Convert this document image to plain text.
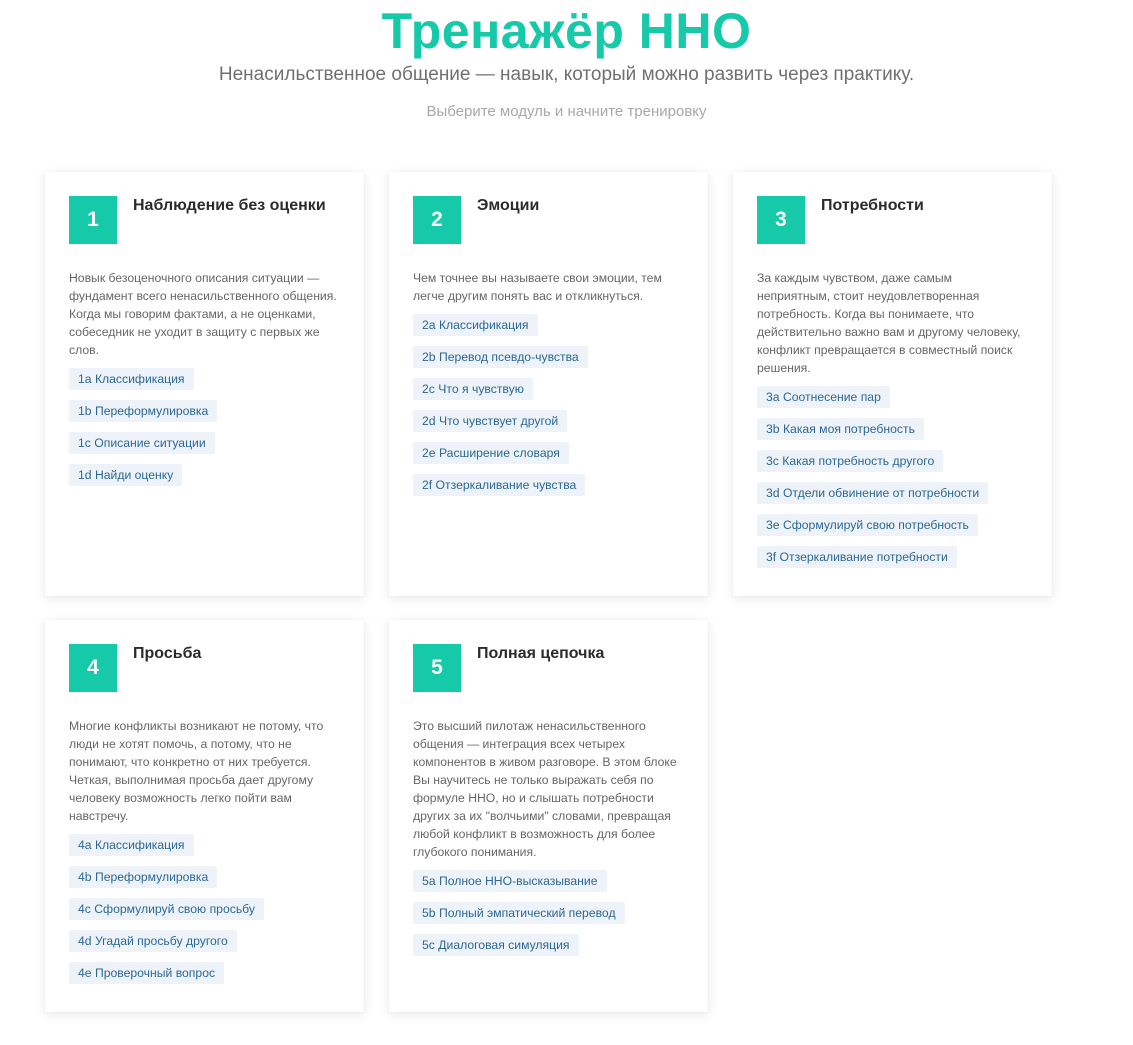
Тренажёр ННО
Ненасильственное общение — навык, который можно развить через практику.
Выберите модуль и начните тренировку
1
Наблюдение без оценки
Новык безоценочного описания ситуации — фундамент всего ненасильственного общения. Когда мы говорим фактами, а не оценками, собеседник не уходит в защиту с первых же слов.
1a Классификация
1b Переформулировка
1c Описание ситуации
1d Найди оценку
2
Эмоции
Чем точнее вы называете свои эмоции, тем легче другим понять вас и откликнуться.
2a Классификация
2b Перевод псевдо-чувства
2c Что я чувствую
2d Что чувствует другой
2e Расширение словаря
2f Отзеркаливание чувства
3
Потребности
За каждым чувством, даже самым неприятным, стоит неудовлетворенная потребность. Когда вы понимаете, что действительно важно вам и другому человеку, конфликт превращается в совместный поиск решения.
3a Соотнесение пар
3b Какая моя потребность
3c Какая потребность другого
3d Отдели обвинение от потребности
3e Сформулируй свою потребность
3f Отзеркаливание потребности
4
Просьба
Многие конфликты возникают не потому, что люди не хотят помочь, а потому, что не понимают, что конкретно от них требуется. Четкая, выполнимая просьба дает другому человеку возможность легко пойти вам навстречу.
4a Классификация
4b Переформулировка
4c Сформулируй свою просьбу
4d Угадай просьбу другого
4e Проверочный вопрос
5
Полная цепочка
Это высший пилотаж ненасильственного общения — интеграция всех четырех компонентов в живом разговоре. В этом блоке Вы научитесь не только выражать себя по формуле ННО, но и слышать потребности других за их "волчьими" словами, превращая любой конфликт в возможность для более глубокого понимания.
5a Полное ННО-высказывание
5b Полный эмпатический перевод
5c Диалоговая симуляция
